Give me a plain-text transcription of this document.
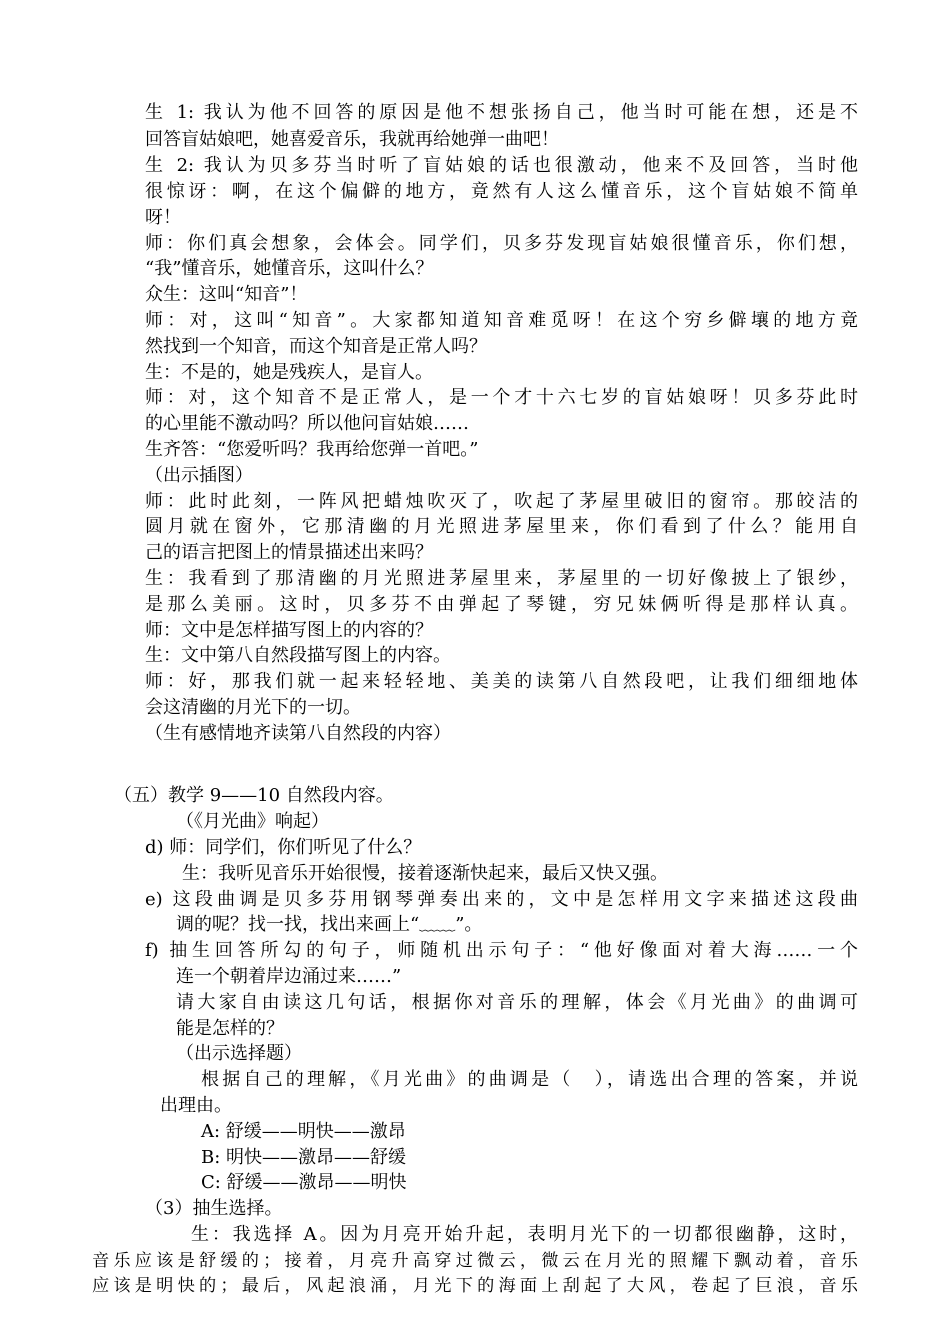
生 1: 我认为他不回答的原因是他不想张扬自己，他当时可能在想，还是不
回答盲姑娘吧，她喜爱音乐，我就再给她弹一曲吧！
生 2: 我认为贝多芬当时听了盲姑娘的话也很激动，他来不及回答，当时他
很惊讶：啊，在这个偏僻的地方，竟然有人这么懂音乐，这个盲姑娘不简单
呀！
师：你们真会想象，会体会。同学们，贝多芬发现盲姑娘很懂音乐，你们想，
“我”懂音乐，她懂音乐，这叫什么？
众生：这叫“知音”！
师：对，这叫“知音”。大家都知道知音难觅呀！在这个穷乡僻壤的地方竟
然找到一个知音，而这个知音是正常人吗？
生：不是的，她是残疾人，是盲人。
师：对，这个知音不是正常人，是一个才十六七岁的盲姑娘呀！贝多芬此时
的心里能不激动吗？所以他问盲姑娘……
生齐答：“您爱听吗？我再给您弹一首吧。”
（出示插图）
师：此时此刻，一阵风把蜡烛吹灭了，吹起了茅屋里破旧的窗帘。那皎洁的
圆月就在窗外，它那清幽的月光照进茅屋里来，你们看到了什么？能用自
己的语言把图上的情景描述出来吗？
生：我看到了那清幽的月光照进茅屋里来，茅屋里的一切好像披上了银纱，
是那么美丽。这时，贝多芬不由弹起了琴键，穷兄妹俩听得是那样认真。
师：文中是怎样描写图上的内容的？
生：文中第八自然段描写图上的内容。
师：好，那我们就一起来轻轻地、美美的读第八自然段吧，让我们细细地体
会这清幽的月光下的一切。
（生有感情地齐读第八自然段的内容）
（五）教学 9——10 自然段内容。
（《月光曲》响起）
d) 师：同学们，你们听见了什么？
生：我听见音乐开始很慢，接着逐渐快起来，最后又快又强。
e) 这段曲调是贝多芬用钢琴弹奏出来的，文中是怎样用文字来描述这段曲
调的呢？找一找，找出来画上“﹏﹏”。
f) 抽生回答所勾的句子，师随机出示句子：“他好像面对着大海……一个
连一个朝着岸边涌过来……”
请大家自由读这几句话，根据你对音乐的理解，体会《月光曲》的曲调可
能是怎样的？
（出示选择题）
根据自己的理解，《月光曲》的曲调是（　），请选出合理的答案，并说
出理由。
A: 舒缓——明快——激昂
B: 明快——激昂——舒缓
C: 舒缓——激昂——明快
（3）抽生选择。
生：我选择 A。因为月亮开始升起，表明月光下的一切都很幽静，这时，
音乐应该是舒缓的；接着，月亮升高穿过微云，微云在月光的照耀下飘动着，音乐
应该是明快的；最后，风起浪涌，月光下的海面上刮起了大风，卷起了巨浪，音乐
